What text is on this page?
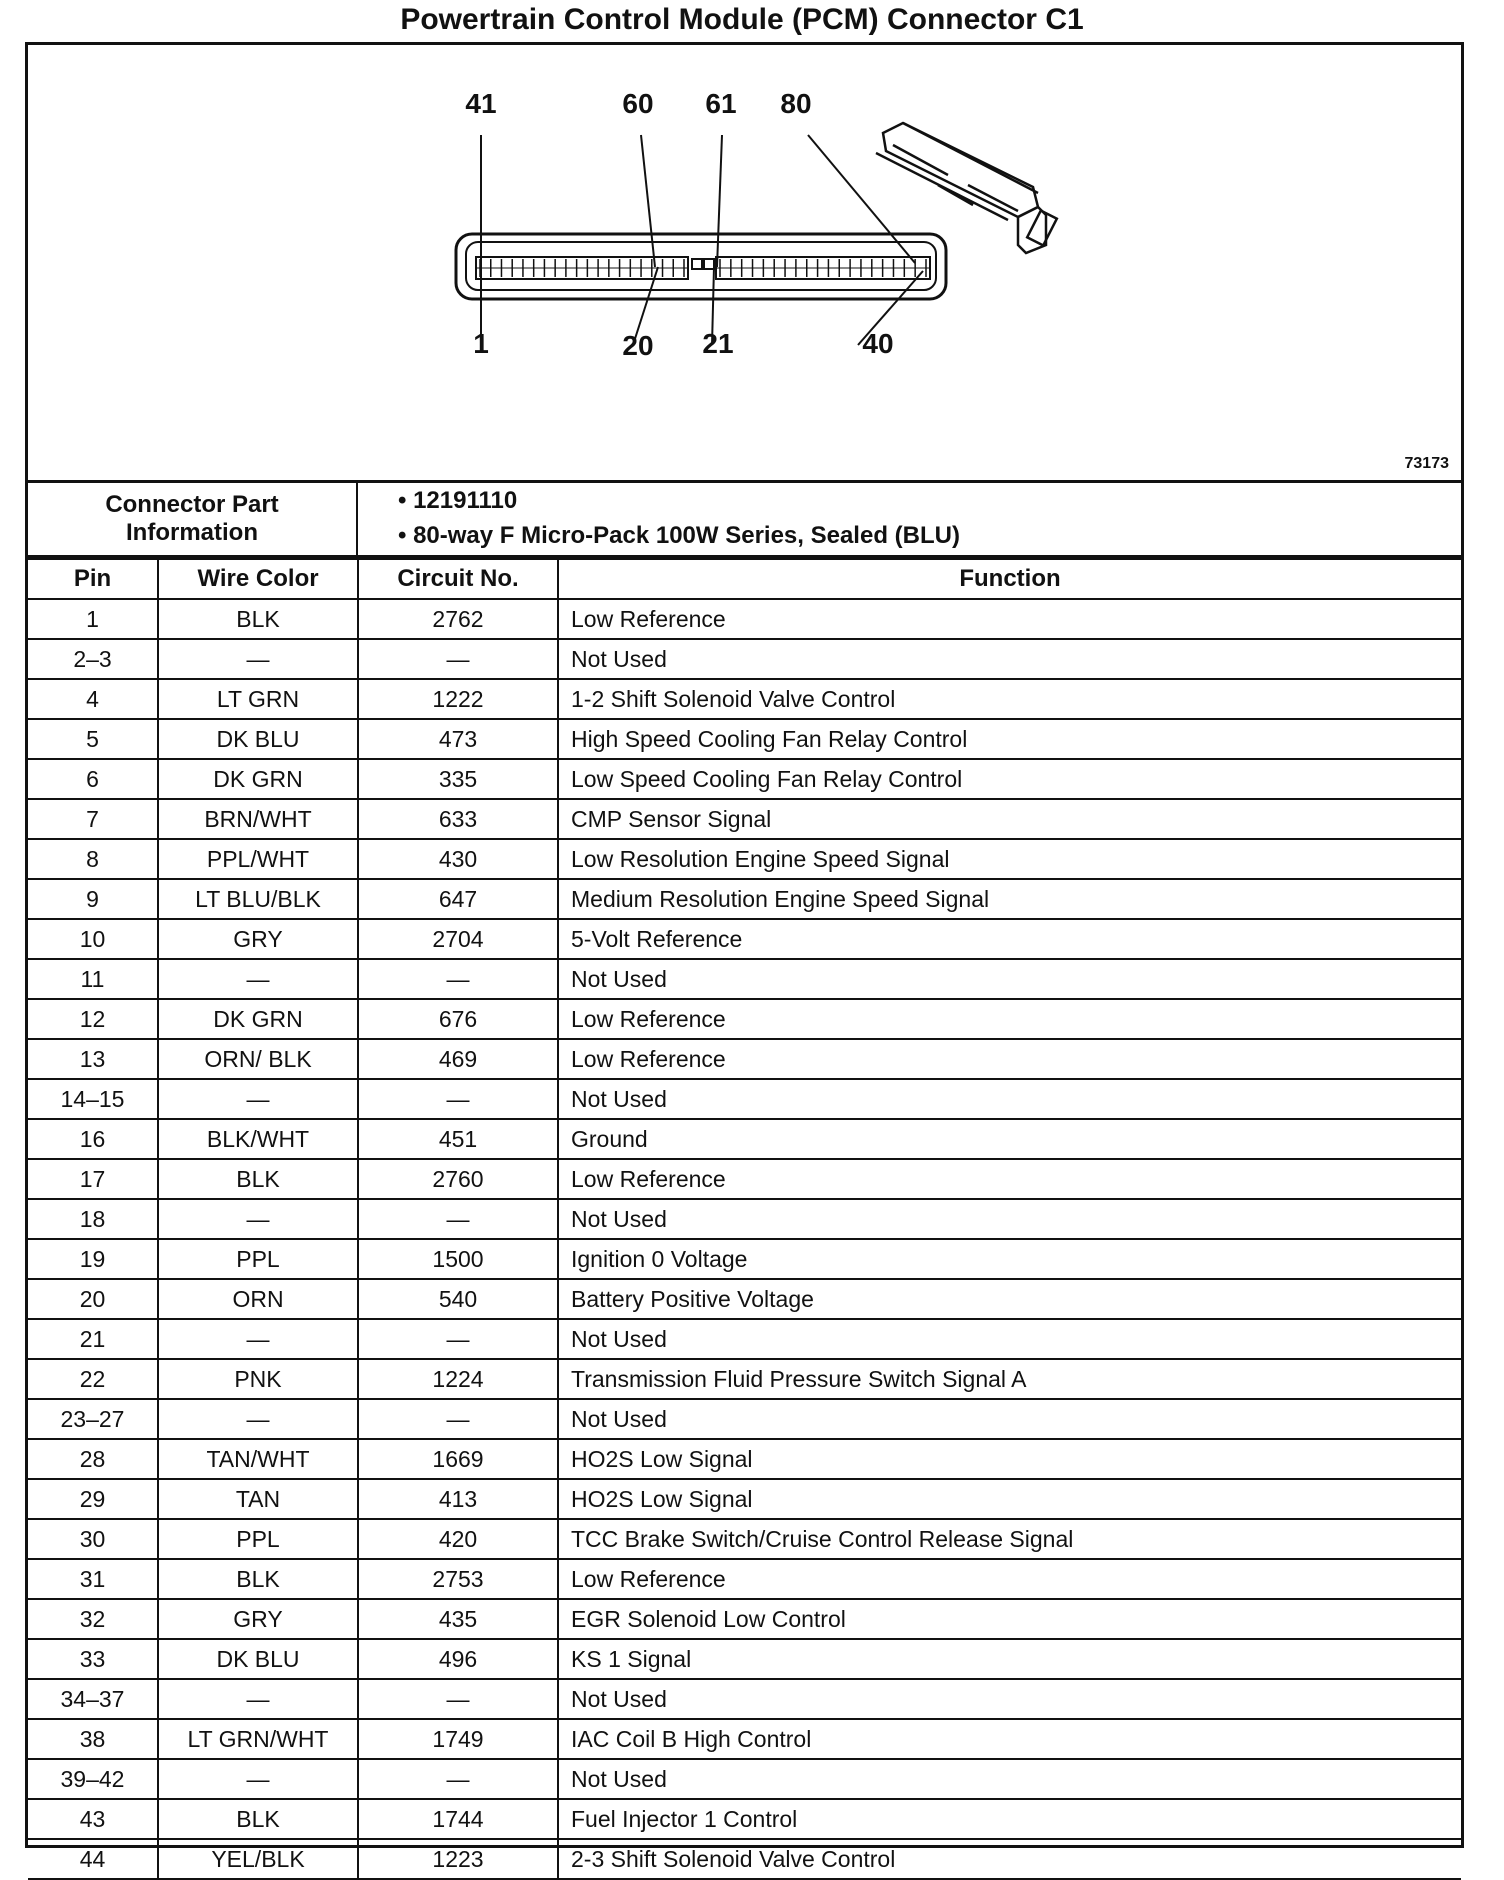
Powertrain Control Module (PCM) Connector C1
41	60 61 80
1	20 21	40
73173
Connector Part Information
• 12191110
• 80-way F Micro-Pack 100W Series, Sealed (BLU)
Pin	Wire Color	Circuit No.	Function
1	BLK	2762	Low Reference
2–3	—	—	Not Used
4	LT GRN	1222	1-2 Shift Solenoid Valve Control
5	DK BLU	473	High Speed Cooling Fan Relay Control
6	DK GRN	335	Low Speed Cooling Fan Relay Control
7	BRN/WHT	633	CMP Sensor Signal
8	PPL/WHT	430	Low Resolution Engine Speed Signal
9	LT BLU/BLK	647	Medium Resolution Engine Speed Signal
10	GRY	2704	5-Volt Reference
11	—	—	Not Used
12	DK GRN	676	Low Reference
13	ORN/ BLK	469	Low Reference
14–15	—	—	Not Used
16	BLK/WHT	451	Ground
17	BLK	2760	Low Reference
18	—	—	Not Used
19	PPL	1500	Ignition 0 Voltage
20	ORN	540	Battery Positive Voltage
21	—	—	Not Used
22	PNK	1224	Transmission Fluid Pressure Switch Signal A
23–27	—	—	Not Used
28	TAN/WHT	1669	HO2S Low Signal
29	TAN	413	HO2S Low Signal
30	PPL	420	TCC Brake Switch/Cruise Control Release Signal
31	BLK	2753	Low Reference
32	GRY	435	EGR Solenoid Low Control
33	DK BLU	496	KS 1 Signal
34–37	—	—	Not Used
38	LT GRN/WHT	1749	IAC Coil B High Control
39–42	—	—	Not Used
43	BLK	1744	Fuel Injector 1 Control
44	YEL/BLK	1223	2-3 Shift Solenoid Valve Control
